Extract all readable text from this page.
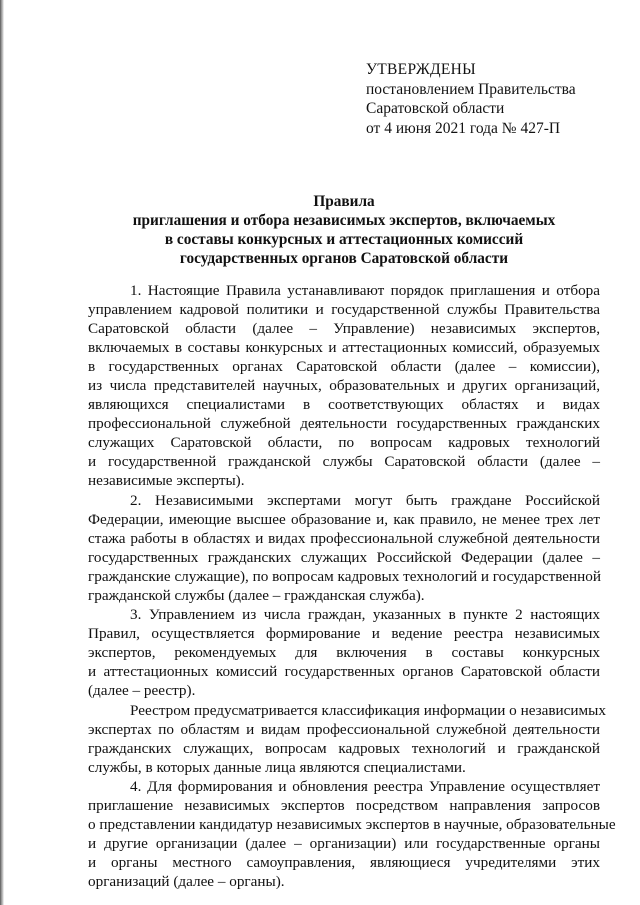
УТВЕРЖДЕНЫ
постановлением Правительства
Саратовской области
от 4 июня 2021 года № 427-П
Правила
приглашения и отбора независимых экспертов, включаемых
в составы конкурсных и аттестационных комиссий
государственных органов Саратовской области
1. Настоящие Правила устанавливают порядок приглашения и отбора
управлением кадровой политики и государственной службы Правительства
Саратовской области (далее – Управление) независимых экспертов,
включаемых в составы конкурсных и аттестационных комиссий, образуемых
в государственных органах Саратовской области (далее – комиссии),
из числа представителей научных, образовательных и других организаций,
являющихся специалистами в соответствующих областях и видах
профессиональной служебной деятельности государственных гражданских
служащих Саратовской области, по вопросам кадровых технологий
и государственной гражданской службы Саратовской области (далее –
независимые эксперты).
2. Независимыми экспертами могут быть граждане Российской
Федерации, имеющие высшее образование и, как правило, не менее трех лет
стажа работы в областях и видах профессиональной служебной деятельности
государственных гражданских служащих Российской Федерации (далее –
гражданские служащие), по вопросам кадровых технологий и государственной
гражданской службы (далее – гражданская служба).
3. Управлением из числа граждан, указанных в пункте 2 настоящих
Правил, осуществляется формирование и ведение реестра независимых
экспертов, рекомендуемых для включения в составы конкурсных
и аттестационных комиссий государственных органов Саратовской области
(далее – реестр).
Реестром предусматривается классификация информации о независимых
экспертах по областям и видам профессиональной служебной деятельности
гражданских служащих, вопросам кадровых технологий и гражданской
службы, в которых данные лица являются специалистами.
4. Для формирования и обновления реестра Управление осуществляет
приглашение независимых экспертов посредством направления запросов
о представлении кандидатур независимых экспертов в научные, образовательные
и другие организации (далее – организации) или государственные органы
и органы местного самоуправления, являющиеся учредителями этих
организаций (далее – органы).
